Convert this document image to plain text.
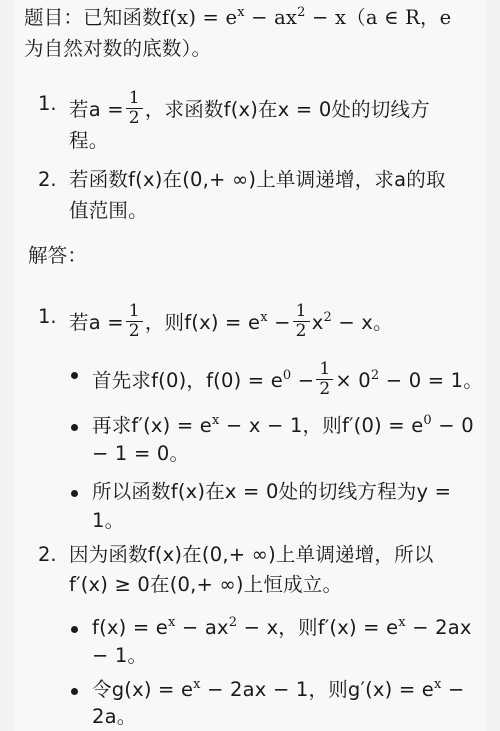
题目：已知函数$f(x) = e^x - ax^2 - x(a$ ∈ R，e
为自然对数的底数）。
1. 若$a = \frac{1}{2}$ ，求函数f(x)在x = 0处的切线方
程。
2. 若函数f(x)在(0,+ ∞)上单调递增，求a的取
值范围。
解答：
1. 若$a = \frac{1}{2}$ ，则$f(x) = e^x - \frac{1}{2} x^2 - x$。
首先求f(0)，$f(0) = e^0 - \frac{1}{2} \times 0^2 - 0 = 1$。
再求$f'(x) = e^x - x - 1$，则$f'(0) = e^0 - 0$
− 1 = 0。
所以函数f(x)在x = 0处的切线方程为y =
1。
2. 因为函数f(x)在(0,+ ∞)上单调递增，所以
f′(x) ≥ 0在(0,+ ∞)上恒成立。
$f(x) = e^x - ax^2 - x$，则$f'(x) = e^x - 2ax$
− 1。
令$g(x) = e^x - 2ax - 1$，则$g'(x) = e^x$ −
2a。
